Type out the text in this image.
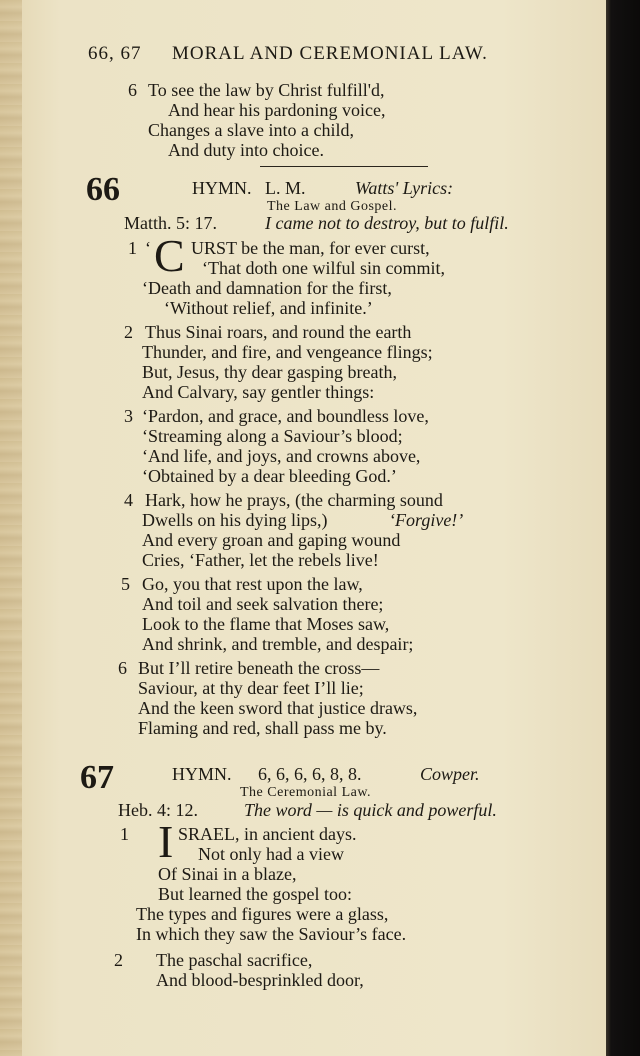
66, 67 MORAL AND CEREMONIAL LAW.
6 To see the law by Christ fulfill'd,
And hear his pardoning voice,
Changes a slave into a child,
And duty into choice.
66	HYMN. L. M.	Watts' Lyrics:
The Law and Gospel.
Matth. 5: 17.	I came not to destroy, but to fulfil.
1 ‘ C URST be the man, for ever curst,
‘That doth one wilful sin commit,
‘Death and damnation for the first,
‘Without relief, and infinite.’
2 Thus Sinai roars, and round the earth
Thunder, and fire, and vengeance flings;
But, Jesus, thy dear gasping breath,
And Calvary, say gentler things:
3 ‘Pardon, and grace, and boundless love,
‘Streaming along a Saviour’s blood;
‘And life, and joys, and crowns above,
‘Obtained by a dear bleeding God.’
4 Hark, how he prays, (the charming sound
Dwells on his dying lips,)	‘Forgive!’
And every groan and gaping wound
Cries, ‘Father, let the rebels live!
5 Go, you that rest upon the law,
And toil and seek salvation there;
Look to the flame that Moses saw,
And shrink, and tremble, and despair;
6 But I’ll retire beneath the cross—
Saviour, at thy dear feet I’ll lie;
And the keen sword that justice draws,
Flaming and red, shall pass me by.
67	HYMN. 6, 6, 6, 6, 8, 8.	Cowper.
The Ceremonial Law.
Heb. 4: 12.	The word — is quick and powerful.
1 I SRAEL, in ancient days.
Not only had a view
Of Sinai in a blaze,
But learned the gospel too:
The types and figures were a glass,
In which they saw the Saviour’s face.
2 The paschal sacrifice,
And blood-besprinkled door,
